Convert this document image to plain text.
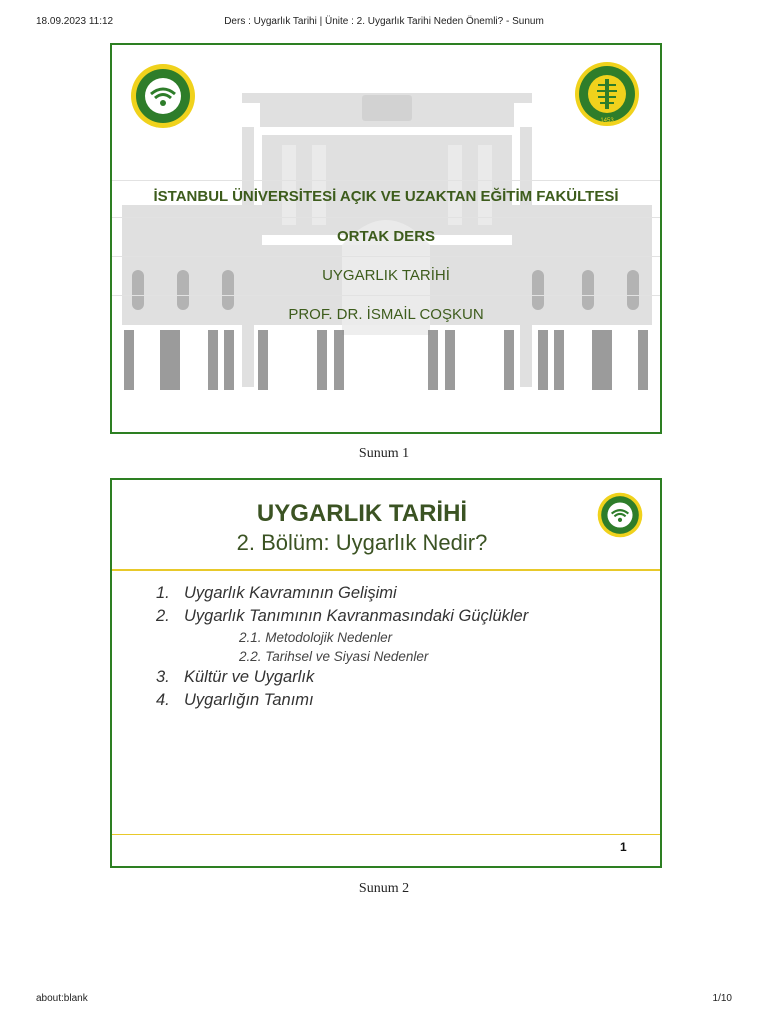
18.09.2023 11:12	Ders : Uygarlık Tarihi | Ünite : 2. Uygarlık Tarihi Neden Önemli? - Sunum
1453
İSTANBUL ÜNİVERSİTESİ AÇIK VE UZAKTAN EĞİTİM FAKÜLTESİ
ORTAK DERS
UYGARLIK TARİHİ
PROF. DR. İSMAİL COŞKUN
Sunum 1
UYGARLIK TARİHİ
2. Bölüm: Uygarlık Nedir?
1. Uygarlık Kavramının Gelişimi
2. Uygarlık Tanımının Kavranmasındaki Güçlükler
2.1. Metodolojik Nedenler
2.2. Tarihsel ve Siyasi Nedenler
3. Kültür ve Uygarlık
4. Uygarlığın Tanımı
1
Sunum 2
about:blank	1/10
